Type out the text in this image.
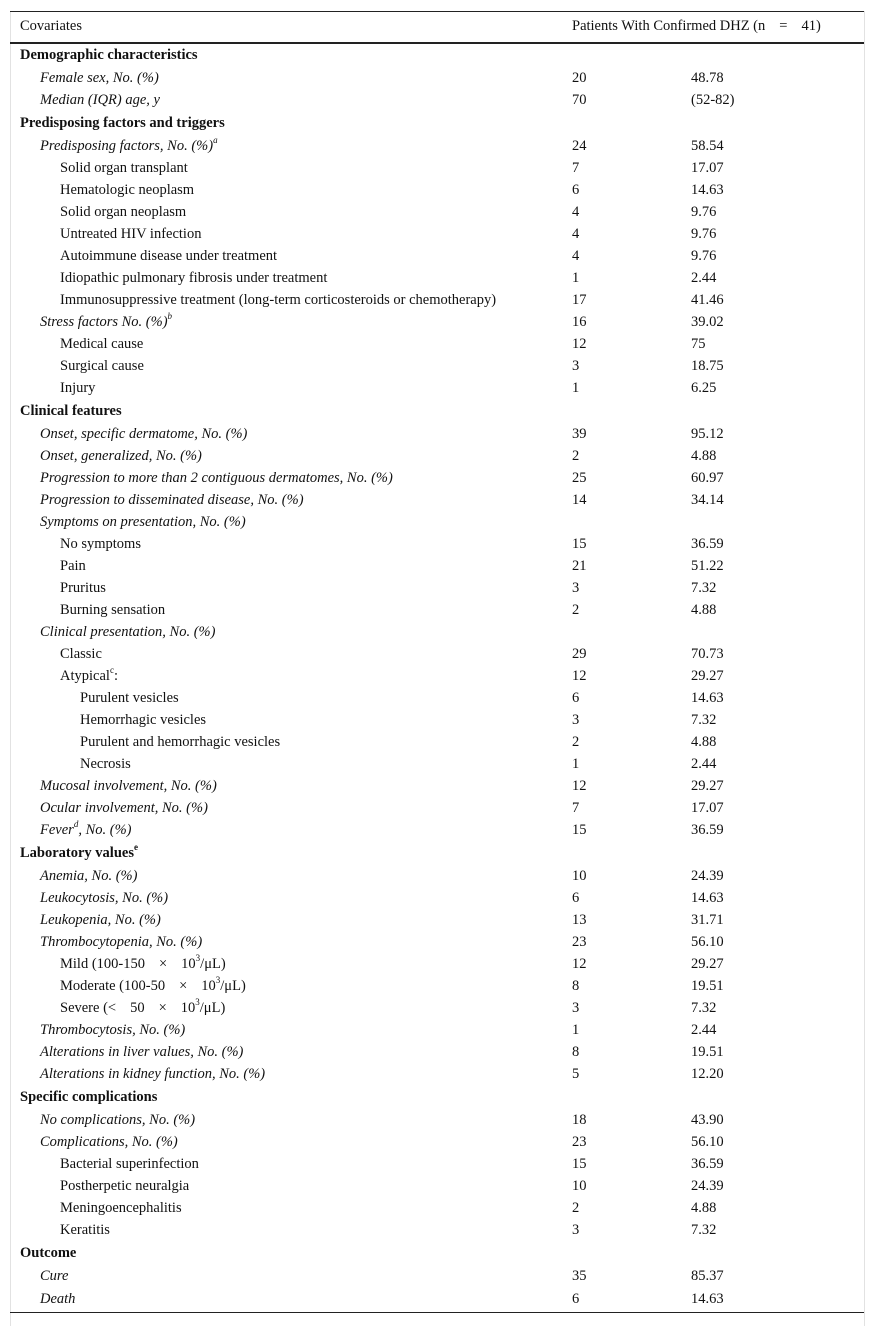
Covariates	Patients With Confirmed DHZ (n = 41)	
Demographic characteristics		
Female sex, No. (%)	20	48.78
Median (IQR) age, y	70	(52-82)
Predisposing factors and triggers		
Predisposing factors, No. (%)$^a$	24	58.54
Solid organ transplant	7	17.07
Hematologic neoplasm	6	14.63
Solid organ neoplasm	4	9.76
Untreated HIV infection	4	9.76
Autoimmune disease under treatment	4	9.76
Idiopathic pulmonary fibrosis under treatment	1	2.44
Immunosuppressive treatment (long-term corticosteroids or chemotherapy)	17	41.46
Stress factors No. (%)$^b$	16	39.02
Medical cause	12	75
Surgical cause	3	18.75
Injury	1	6.25
Clinical features		
Onset, specific dermatome, No. (%)	39	95.12
Onset, generalized, No. (%)	2	4.88
Progression to more than 2 contiguous dermatomes, No. (%)	25	60.97
Progression to disseminated disease, No. (%)	14	34.14
Symptoms on presentation, No. (%)		
No symptoms	15	36.59
Pain	21	51.22
Pruritus	3	7.32
Burning sensation	2	4.88
Clinical presentation, No. (%)		
Classic	29	70.73
Atypical$^c$:	12	29.27
Purulent vesicles	6	14.63
Hemorrhagic vesicles	3	7.32
Purulent and hemorrhagic vesicles	2	4.88
Necrosis	1	2.44
Mucosal involvement, No. (%)	12	29.27
Ocular involvement, No. (%)	7	17.07
Fever$^d$, No. (%)	15	36.59
Laboratory values$^e$
Anemia, No. (%)	10	24.39
Leukocytosis, No. (%)	6	14.63
Leukopenia, No. (%)	13	31.71
Thrombocytopenia, No. (%)	23	56.10
Mild $(100-150 \times 10^3/\mu L)$	12	29.27
Moderate $(100-50 \times 10^3/\mu L)$	8	19.51
Severe (< $50 \times 10^3/\mu L$)	3	7.32
Thrombocytosis, No. (%)	1	2.44
Alterations in liver values, No. (%)	8	19.51
Alterations in kidney function, No. (%)	5	12.20
Specific complications		
No complications, No. (%)	18	43.90
Complications, No. (%)	23	56.10
Bacterial superinfection	15	36.59
Postherpetic neuralgia	10	24.39
Meningoencephalitis	2	4.88
Keratitis	3	7.32
Outcome		
Cure	35	85.37
Death	6	14.63
